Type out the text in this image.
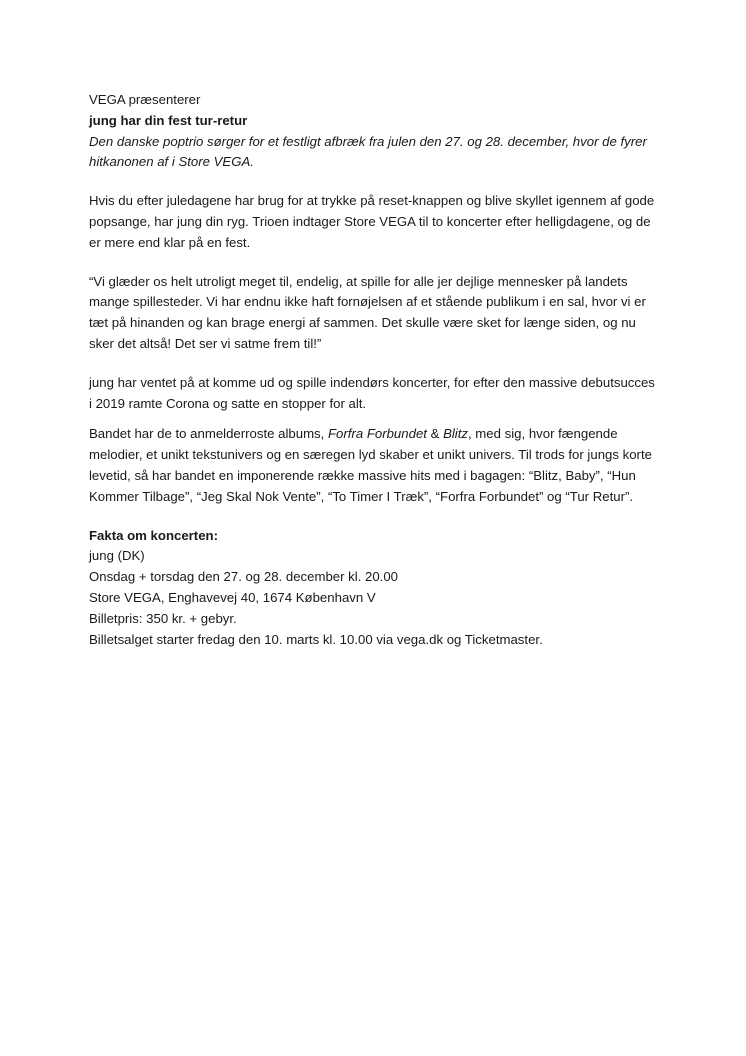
VEGA præsenterer

jung har din fest tur-retur

Den danske poptrio sørger for et festligt afbræk fra julen den 27. og 28. december, hvor de fyrer hitkanonen af i Store VEGA.

Hvis du efter juledagene har brug for at trykke på reset-knappen og blive skyllet igennem af gode popsange, har jung din ryg. Trioen indtager Store VEGA til to koncerter efter helligdagene, og de er mere end klar på en fest.

“Vi glæder os helt utroligt meget til, endelig, at spille for alle jer dejlige mennesker på landets mange spillesteder. Vi har endnu ikke haft fornøjelsen af et stående publikum i en sal, hvor vi er tæt på hinanden og kan brage energi af sammen. Det skulle være sket for længe siden, og nu sker det altså! Det ser vi satme frem til!”

jung har ventet på at komme ud og spille indendørs koncerter, for efter den massive debutsucces i 2019 ramte Corona og satte en stopper for alt.

Bandet har de to anmelderroste albums, Forfra Forbundet & Blitz, med sig, hvor fængende melodier, et unikt tekstunivers og en særegen lyd skaber et unikt univers. Til trods for jungs korte levetid, så har bandet en imponerende række massive hits med i bagagen: “Blitz, Baby”, “Hun Kommer Tilbage”, “Jeg Skal Nok Vente”, “To Timer I Træk”, “Forfra Forbundet” og “Tur Retur”.

Fakta om koncerten:

jung (DK)

Onsdag + torsdag den 27. og 28. december kl. 20.00

Store VEGA, Enghavevej 40, 1674 København V

Billetpris: 350 kr. + gebyr.

Billetsalget starter fredag den 10. marts kl. 10.00 via vega.dk og Ticketmaster.
